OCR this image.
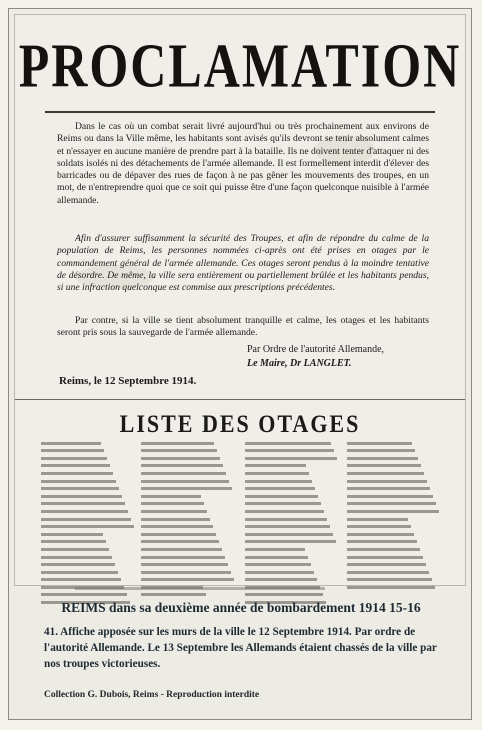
PROCLAMATION
Dans le cas où un combat serait livré aujourd'hui ou très prochainement aux environs de Reims ou dans la Ville même, les habitants sont avisés qu'ils devront se tenir absolument calmes et n'essayer en aucune manière de prendre part à la bataille. Ils ne doivent tenter d'attaquer ni des soldats isolés ni des détachements de l'armée allemande. Il est formellement interdit d'élever des barricades ou de dépaver des rues de façon à ne pas gêner les mouvements des troupes, en un mot, de n'entreprendre quoi que ce soit qui puisse être d'une façon quelconque nuisible à l'armée allemande.
Afin d'assurer suffisamment la sécurité des Troupes, et afin de répondre du calme de la population de Reims, les personnes nommées ci-après ont été prises en otages par le commandement général de l'armée allemande. Ces otages seront pendus à la moindre tentative de désordre. De même, la ville sera entièrement ou partiellement brûlée et les habitants pendus, si une infraction quelconque est commise aux prescriptions précédentes.
Par contre, si la ville se tient absolument tranquille et calme, les otages et les habitants seront pris sous la sauvegarde de l'armée allemande.
Par Ordre de l'autorité Allemande,
Le Maire, Dr LANGLET.
Reims, le 12 Septembre 1914.
LISTE DES OTAGES
REIMS dans sa deuxième année de bombardement 1914 15-16
41. Affiche apposée sur les murs de la ville le 12 Septembre 1914. Par ordre de l'autorité Allemande. Le 13 Septembre les Allemands étaient chassés de la ville par nos troupes victorieuses.
Collection G. Dubois, Reims - Reproduction interdite
